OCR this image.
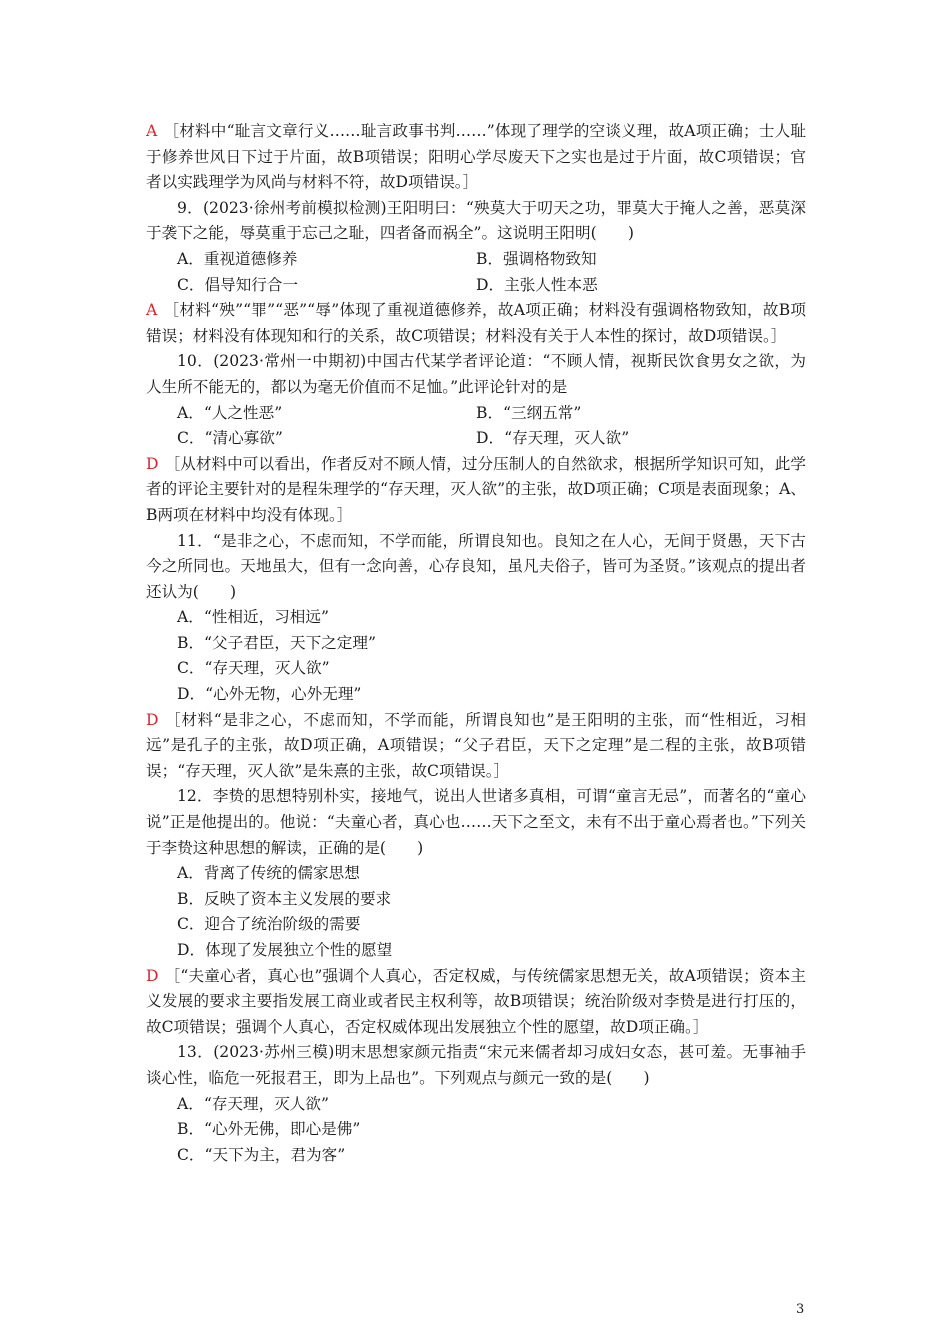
A ［材料中“耻言文章行义……耻言政事书判……”体现了理学的空谈义理，故A项正确；士人耻于修养世风日下过于片面，故B项错误；阳明心学尽废天下之实也是过于片面，故C项错误；官者以实践理学为风尚与材料不符，故D项错误。］

9．(2023·徐州考前模拟检测)王阳明曰：“殃莫大于叨天之功，罪莫大于掩人之善，恶莫深于袭下之能，辱莫重于忘己之耻，四者备而祸全”。这说明王阳明(　　)

A．重视道德修养	B．强调格物致知
C．倡导知行合一	D．主张人性本恶

A ［材料“殃”“罪”“恶”“辱”体现了重视道德修养，故A项正确；材料没有强调格物致知，故B项错误；材料没有体现知和行的关系，故C项错误；材料没有关于人本性的探讨，故D项错误。］

10．(2023·常州一中期初)中国古代某学者评论道：“不顾人情，视斯民饮食男女之欲，为人生所不能无的，都以为毫无价值而不足恤。”此评论针对的是

A．“人之性恶”	B．“三纲五常”
C．“清心寡欲”	D．“存天理，灭人欲”

D ［从材料中可以看出，作者反对不顾人情，过分压制人的自然欲求，根据所学知识可知，此学者的评论主要针对的是程朱理学的“存天理，灭人欲”的主张，故D项正确；C项是表面现象；A、B两项在材料中均没有体现。］

11．“是非之心，不虑而知，不学而能，所谓良知也。良知之在人心，无间于贤愚，天下古今之所同也。天地虽大，但有一念向善，心存良知，虽凡夫俗子，皆可为圣贤。”该观点的提出者还认为(　　)

A．“性相近，习相远”

B．“父子君臣，天下之定理”

C．“存天理，灭人欲”

D．“心外无物，心外无理”

D ［材料“是非之心，不虑而知，不学而能，所谓良知也”是王阳明的主张，而“性相近，习相远”是孔子的主张，故D项正确，A项错误；“父子君臣，天下之定理”是二程的主张，故B项错误；“存天理，灭人欲”是朱熹的主张，故C项错误。］

12．李贽的思想特别朴实，接地气，说出人世诸多真相，可谓“童言无忌”，而著名的“童心说”正是他提出的。他说：“夫童心者，真心也……天下之至文，未有不出于童心焉者也。”下列关于李贽这种思想的解读，正确的是(　　)

A．背离了传统的儒家思想

B．反映了资本主义发展的要求

C．迎合了统治阶级的需要

D．体现了发展独立个性的愿望

D ［“夫童心者，真心也”强调个人真心，否定权威，与传统儒家思想无关，故A项错误；资本主义发展的要求主要指发展工商业或者民主权利等，故B项错误；统治阶级对李贽是进行打压的，故C项错误；强调个人真心，否定权威体现出发展独立个性的愿望，故D项正确。］

13．(2023·苏州三模)明末思想家颜元指责“宋元来儒者却习成妇女态，甚可羞。无事袖手谈心性，临危一死报君王，即为上品也”。下列观点与颜元一致的是(　　)

A．“存天理，灭人欲”

B．“心外无佛，即心是佛”

C．“天下为主，君为客”

3
